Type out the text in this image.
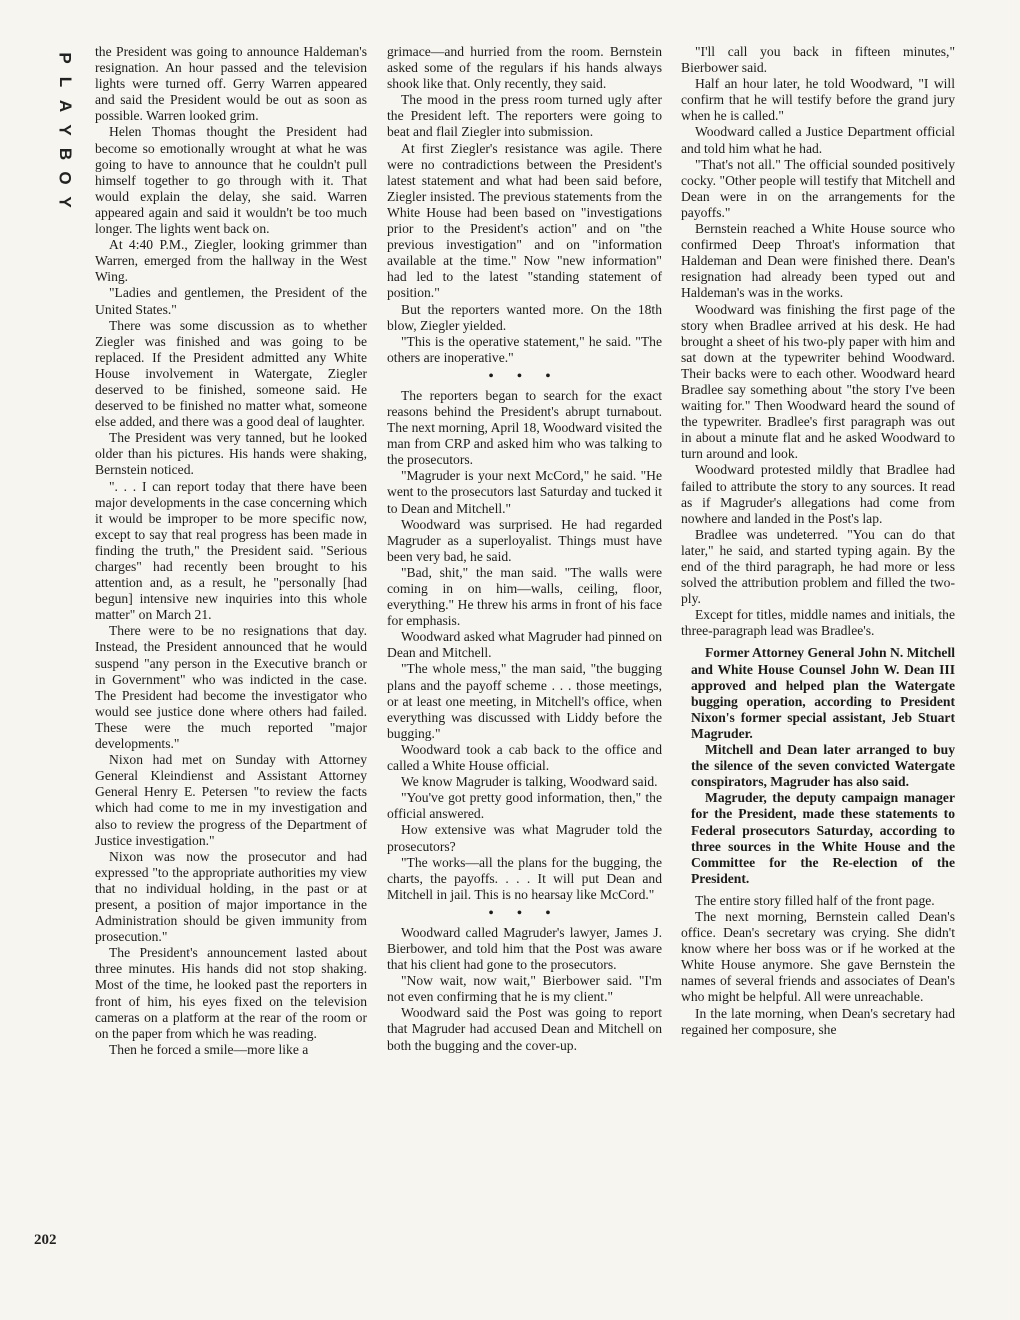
P
L
A
Y
B
O
Y
202

the President was going to announce Haldeman's resignation. An hour passed and the television lights were turned off. Gerry Warren appeared and said the President would be out as soon as possible. Warren looked grim.

Helen Thomas thought the President had become so emotionally wrought at what he was going to have to announce that he couldn't pull himself together to go through with it. That would explain the delay, she said. Warren appeared again and said it wouldn't be too much longer. The lights went back on.

At 4:40 P.M., Ziegler, looking grimmer than Warren, emerged from the hallway in the West Wing.

"Ladies and gentlemen, the President of the United States."

There was some discussion as to whether Ziegler was finished and was going to be replaced. If the President admitted any White House involvement in Watergate, Ziegler deserved to be finished, someone said. He deserved to be finished no matter what, someone else added, and there was a good deal of laughter.

The President was very tanned, but he looked older than his pictures. His hands were shaking, Bernstein noticed.

". . . I can report today that there have been major developments in the case concerning which it would be improper to be more specific now, except to say that real progress has been made in finding the truth," the President said. "Serious charges" had recently been brought to his attention and, as a result, he "personally [had begun] intensive new inquiries into this whole matter" on March 21.

There were to be no resignations that day. Instead, the President announced that he would suspend "any person in the Executive branch or in Government" who was indicted in the case. The President had become the investigator who would see justice done where others had failed. These were the much reported "major developments."

Nixon had met on Sunday with Attorney General Kleindienst and Assistant Attorney General Henry E. Petersen "to review the facts which had come to me in my investigation and also to review the progress of the Department of Justice investigation."

Nixon was now the prosecutor and had expressed "to the appropriate authorities my view that no individual holding, in the past or at present, a position of major importance in the Administration should be given immunity from prosecution."

The President's announcement lasted about three minutes. His hands did not stop shaking. Most of the time, he looked past the reporters in front of him, his eyes fixed on the television cameras on a platform at the rear of the room or on the paper from which he was reading.

Then he forced a smile—more like a

grimace—and hurried from the room. Bernstein asked some of the regulars if his hands always shook like that. Only recently, they said.

The mood in the press room turned ugly after the President left. The reporters were going to beat and flail Ziegler into submission.

At first Ziegler's resistance was agile. There were no contradictions between the President's latest statement and what had been said before, Ziegler insisted. The previous statements from the White House had been based on "investigations prior to the President's action" and on "the previous investigation" and on "information available at the time." Now "new information" had led to the latest "standing statement of position."

But the reporters wanted more. On the 18th blow, Ziegler yielded.

"This is the operative statement," he said. "The others are inoperative."

• • •

The reporters began to search for the exact reasons behind the President's abrupt turnabout. The next morning, April 18, Woodward visited the man from CRP and asked him who was talking to the prosecutors.

"Magruder is your next McCord," he said. "He went to the prosecutors last Saturday and tucked it to Dean and Mitchell."

Woodward was surprised. He had regarded Magruder as a superloyalist. Things must have been very bad, he said.

"Bad, shit," the man said. "The walls were coming in on him—walls, ceiling, floor, everything." He threw his arms in front of his face for emphasis.

Woodward asked what Magruder had pinned on Dean and Mitchell.

"The whole mess," the man said, "the bugging plans and the payoff scheme . . . those meetings, or at least one meeting, in Mitchell's office, when everything was discussed with Liddy before the bugging."

Woodward took a cab back to the office and called a White House official.

We know Magruder is talking, Woodward said.

"You've got pretty good information, then," the official answered.

How extensive was what Magruder told the prosecutors?

"The works—all the plans for the bugging, the charts, the payoffs. . . . It will put Dean and Mitchell in jail. This is no hearsay like McCord."

• • •

Woodward called Magruder's lawyer, James J. Bierbower, and told him that the Post was aware that his client had gone to the prosecutors.

"Now wait, now wait," Bierbower said. "I'm not even confirming that he is my client."

Woodward said the Post was going to report that Magruder had accused Dean and Mitchell on both the bugging and the cover-up.

"I'll call you back in fifteen minutes," Bierbower said.

Half an hour later, he told Woodward, "I will confirm that he will testify before the grand jury when he is called."

Woodward called a Justice Department official and told him what he had.

"That's not all." The official sounded positively cocky. "Other people will testify that Mitchell and Dean were in on the arrangements for the payoffs."

Bernstein reached a White House source who confirmed Deep Throat's information that Haldeman and Dean were finished there. Dean's resignation had already been typed out and Haldeman's was in the works.

Woodward was finishing the first page of the story when Bradlee arrived at his desk. He had brought a sheet of his two-ply paper with him and sat down at the typewriter behind Woodward. Their backs were to each other. Woodward heard Bradlee say something about "the story I've been waiting for." Then Woodward heard the sound of the typewriter. Bradlee's first paragraph was out in about a minute flat and he asked Woodward to turn around and look.

Woodward protested mildly that Bradlee had failed to attribute the story to any sources. It read as if Magruder's allegations had come from nowhere and landed in the Post's lap.

Bradlee was undeterred. "You can do that later," he said, and started typing again. By the end of the third paragraph, he had more or less solved the attribution problem and filled the two-ply.

Except for titles, middle names and initials, the three-paragraph lead was Bradlee's.

Former Attorney General John N. Mitchell and White House Counsel John W. Dean III approved and helped plan the Watergate bugging operation, according to President Nixon's former special assistant, Jeb Stuart Magruder.

Mitchell and Dean later arranged to buy the silence of the seven convicted Watergate conspirators, Magruder has also said.

Magruder, the deputy campaign manager for the President, made these statements to Federal prosecutors Saturday, according to three sources in the White House and the Committee for the Re-election of the President.

The entire story filled half of the front page.

The next morning, Bernstein called Dean's office. Dean's secretary was crying. She didn't know where her boss was or if he worked at the White House anymore. She gave Bernstein the names of several friends and associates of Dean's who might be helpful. All were unreachable.

In the late morning, when Dean's secretary had regained her composure, she
